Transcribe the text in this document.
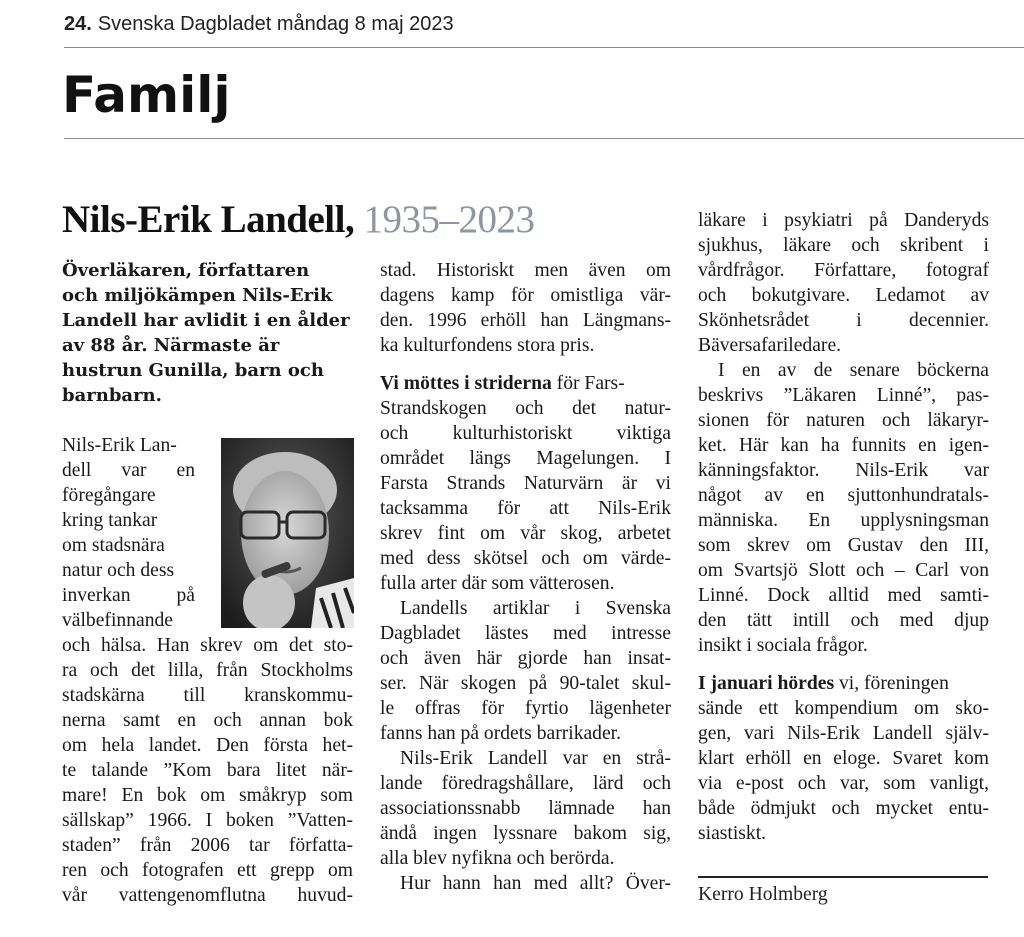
24. Svenska Dagbladet måndag 8 maj 2023
Familj
Nils-Erik Landell, 1935–2023
Överläkaren, författaren
och miljökämpen Nils-Erik
Landell har avlidit i en ålder
av 88 år. Närmaste är
hustrun Gunilla, barn och
barnbarn.
Nils-Erik Lan-
dell var en
föregångare
kring tankar
om stadsnära
natur och dess
inverkan på
välbefinnande
och hälsa. Han skrev om det sto-
ra och det lilla, från Stockholms
stadskärna till kranskommu-
nerna samt en och annan bok
om hela landet. Den första het-
te talande ”Kom bara litet när-
mare! En bok om småkryp som
sällskap” 1966. I boken ”Vatten-
staden” från 2006 tar författa-
ren och fotografen ett grepp om
vår vattengenomflutna huvud-
stad. Historiskt men även om
dagens kamp för omistliga vär-
den. 1996 erhöll han Längmans-
ka kulturfondens stora pris.
Vi möttes i striderna för Fars-
Strandskogen och det natur-
och kulturhistoriskt viktiga
området längs Magelungen. I
Farsta Strands Naturvärn är vi
tacksamma för att Nils-Erik
skrev fint om vår skog, arbetet
med dess skötsel och om värde-
fulla arter där som vätterosen.
Landells artiklar i Svenska
Dagbladet lästes med intresse
och även här gjorde han insat-
ser. När skogen på 90-talet skul-
le offras för fyrtio lägenheter
fanns han på ordets barrikader.
Nils-Erik Landell var en strå-
lande föredragshållare, lärd och
associationssnabb lämnade han
ändå ingen lyssnare bakom sig,
alla blev nyfikna och berörda.
Hur hann han med allt? Över-
läkare i psykiatri på Danderyds
sjukhus, läkare och skribent i
vårdfrågor. Författare, fotograf
och bokutgivare. Ledamot av
Skönhetsrådet i decennier.
Bäversafariledare.
I en av de senare böckerna
beskrivs ”Läkaren Linné”, pas-
sionen för naturen och läkaryr-
ket. Här kan ha funnits en igen-
känningsfaktor. Nils-Erik var
något av en sjuttonhundratals-
människa. En upplysningsman
som skrev om Gustav den III,
om Svartsjö Slott och – Carl von
Linné. Dock alltid med samti-
den tätt intill och med djup
insikt i sociala frågor.
I januari hördes vi, föreningen
sände ett kompendium om sko-
gen, vari Nils-Erik Landell själv-
klart erhöll en eloge. Svaret kom
via e-post och var, som vanligt,
både ödmjukt och mycket entu-
siastiskt.
Kerro Holmberg
